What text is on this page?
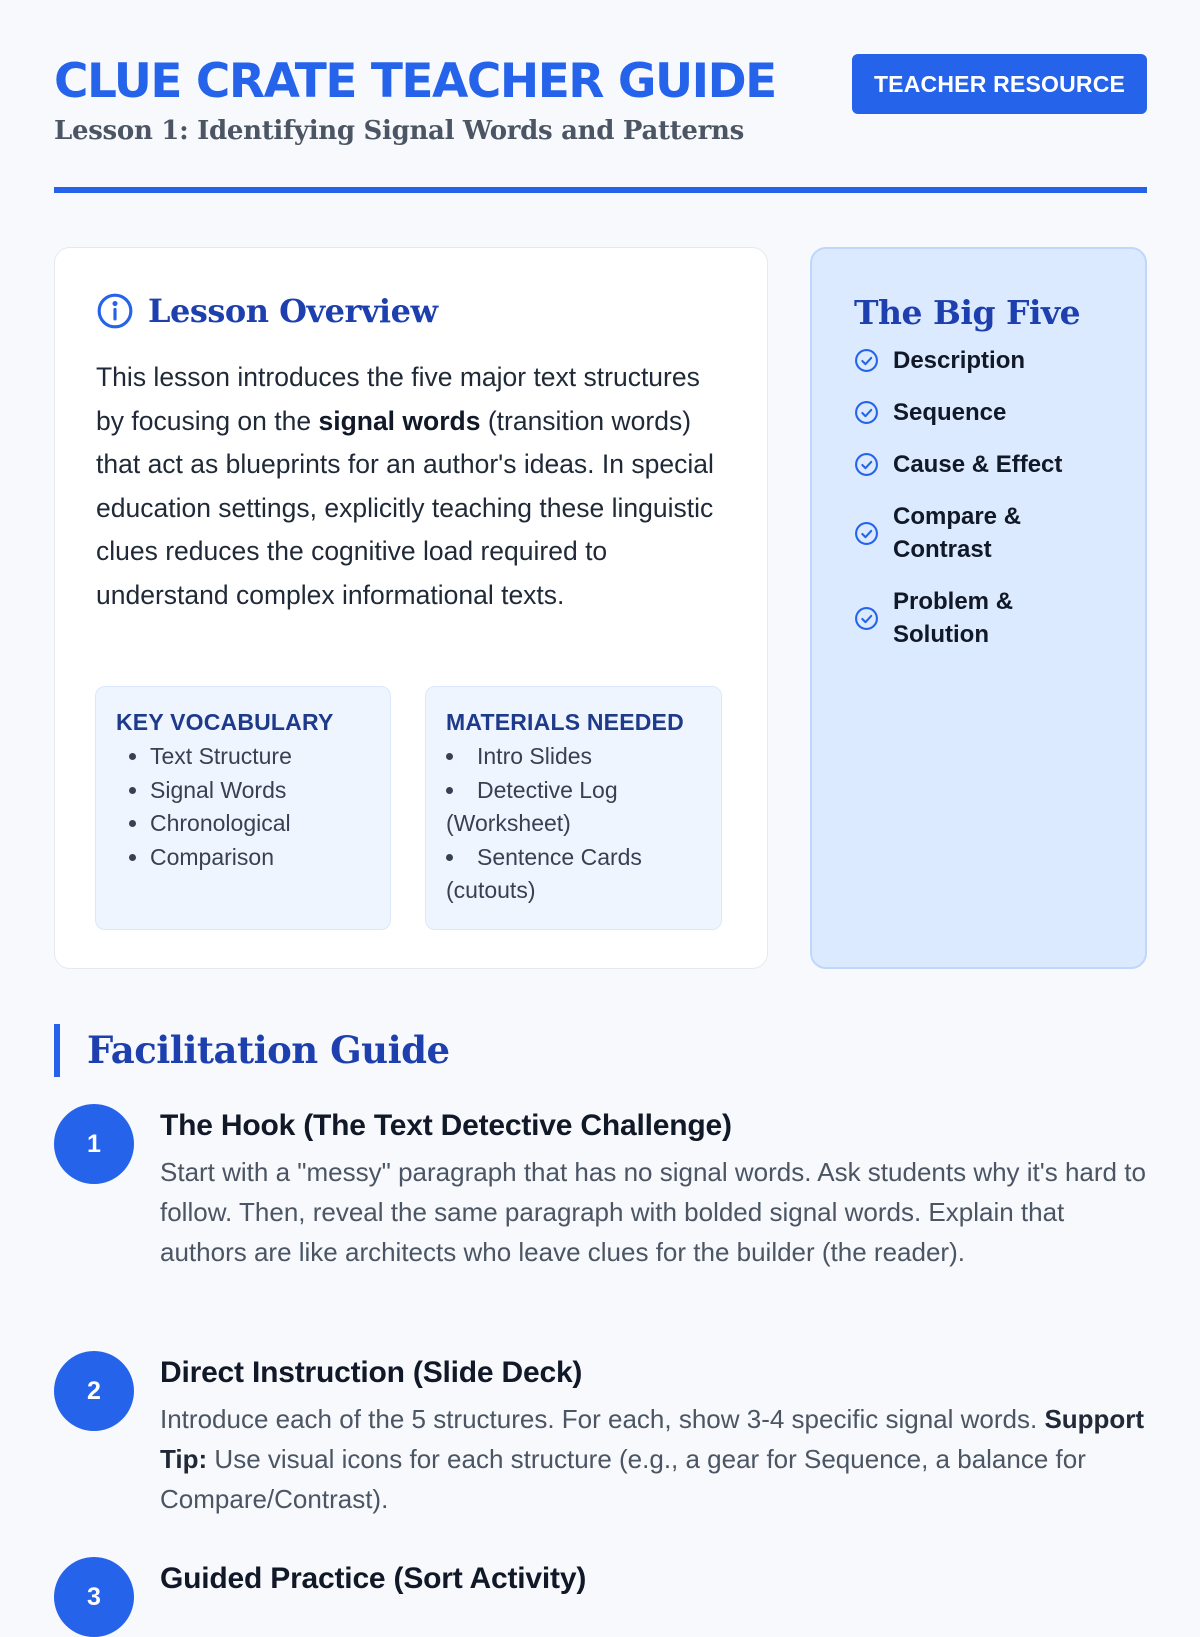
CLUE CRATE TEACHER GUIDE
Lesson 1: Identifying Signal Words and Patterns
TEACHER RESOURCE
Lesson Overview
This lesson introduces the five major text structures by focusing on the signal words (transition words) that act as blueprints for an author's ideas. In special education settings, explicitly teaching these linguistic clues reduces the cognitive load required to understand complex informational texts.
KEY VOCABULARY
• Text Structure
• Signal Words
• Chronological
• Comparison
MATERIALS NEEDED
• Intro Slides
• Detective Log (Worksheet)
• Sentence Cards (cutouts)
The Big Five
Description
Sequence
Cause & Effect
Compare & Contrast
Problem & Solution
Facilitation Guide
1
The Hook (The Text Detective Challenge)
Start with a "messy" paragraph that has no signal words. Ask students why it's hard to follow. Then, reveal the same paragraph with bolded signal words. Explain that authors are like architects who leave clues for the builder (the reader).
2
Direct Instruction (Slide Deck)
Introduce each of the 5 structures. For each, show 3-4 specific signal words. Support Tip: Use visual icons for each structure (e.g., a gear for Sequence, a balance for Compare/Contrast).
3
Guided Practice (Sort Activity)
